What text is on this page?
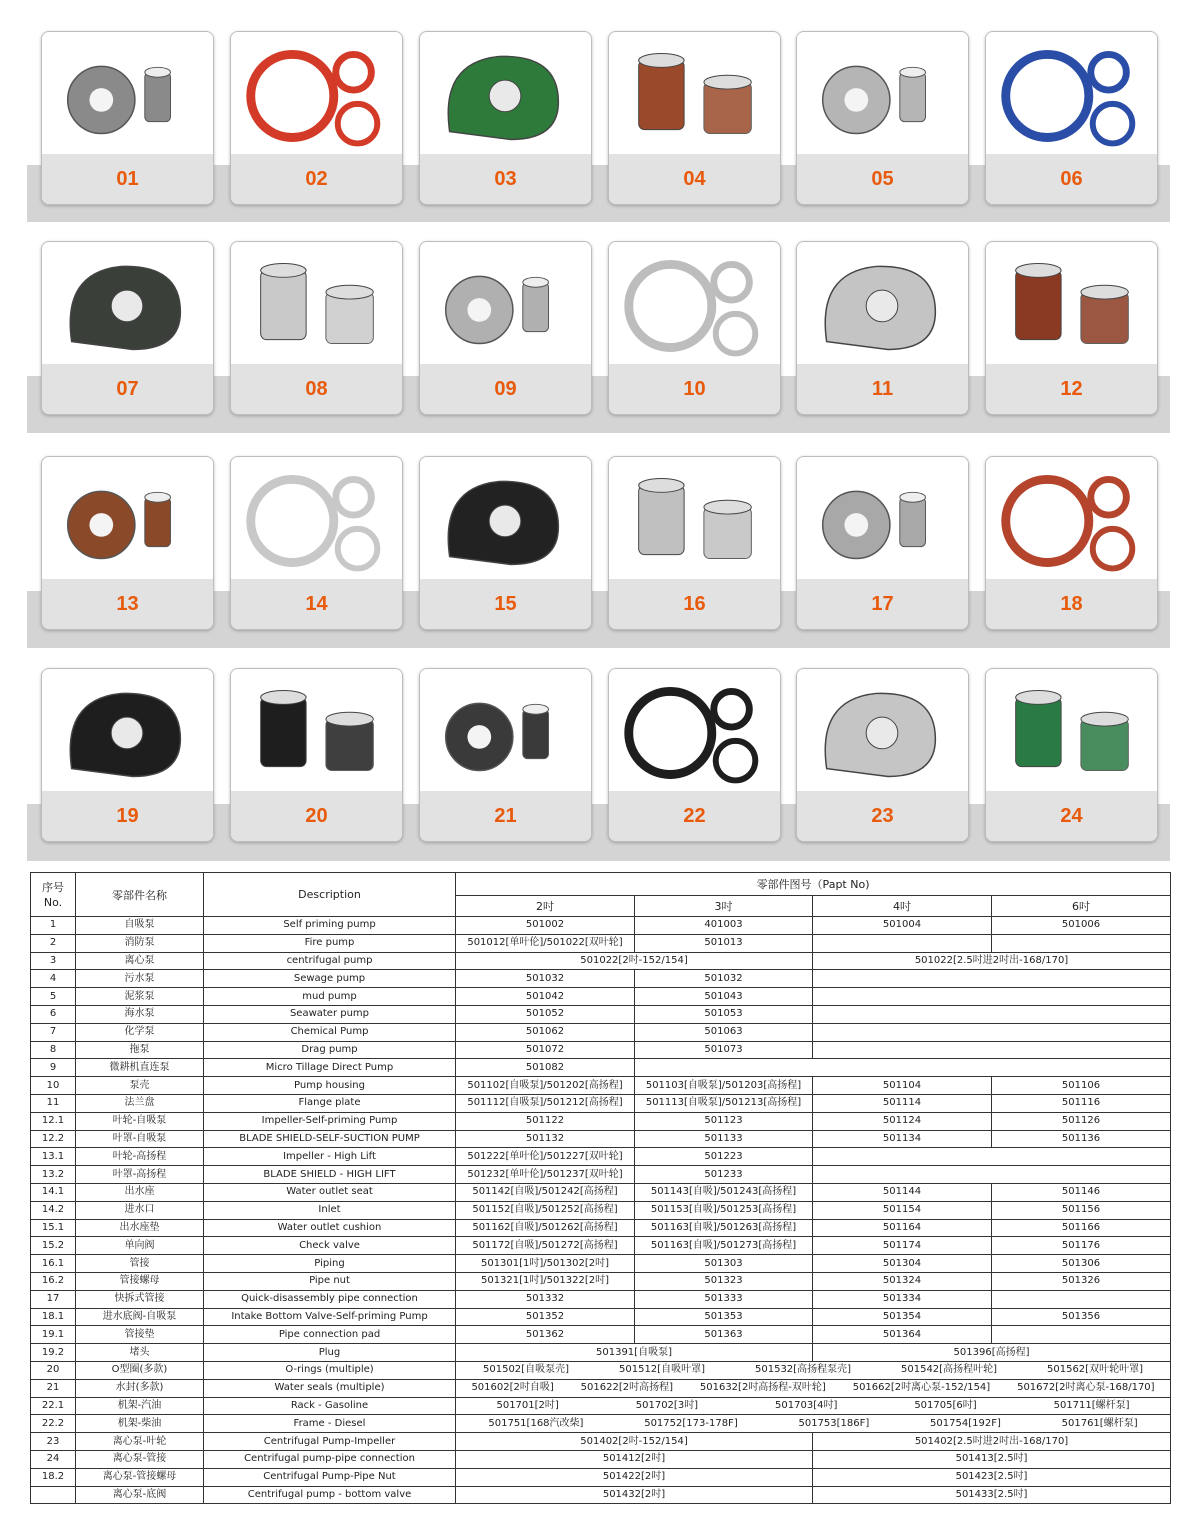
01	02	03	04	05	06
07	08	09	10	11	12
13	14	15	16	17	18
19	20	21	22	23	24
序号
No.	零部件名称	Description	零部件图号（Papt No)			
			2吋	3吋	4吋	6吋
1	自吸泵	Self priming pump	501002	401003	501004	501006
2	消防泵	Fire pump	501012[单叶伦]/501022[双叶轮]	501013		
3	离心泵	centrifugal pump	501022[2吋-152/154]		501022[2.5吋进2吋出-168/170]	
4	污水泵	Sewage pump	501032	501032		
5	泥浆泵	mud pump	501042	501043		
6	海水泵	Seawater pump	501052	501053		
7	化学泵	Chemical Pump	501062	501063		
8	拖泵	Drag pump	501072	501073		
9	微耕机直连泵	Micro Tillage Direct Pump	501082			
10	泵壳	Pump housing	501102[自吸泵]/501202[高扬程]	501103[自吸泵]/501203[高扬程]	501104	501106
11	法兰盘	Flange plate	501112[自吸泵]/501212[高扬程]	501113[自吸泵]/501213[高扬程]	501114	501116
12.1	叶轮-自吸泵	Impeller-Self-priming Pump	501122	501123	501124	501126
12.2	叶罩-自吸泵	BLADE SHIELD-SELF-SUCTION PUMP	501132	501133	501134	501136
13.1	叶轮-高扬程	Impeller - High Lift	501222[单叶伦]/501227[双叶轮]	501223		
13.2	叶罩-高扬程	BLADE SHIELD - HIGH LIFT	501232[单叶伦]/501237[双叶轮]	501233		
14.1	出水座	Water outlet seat	501142[自吸]/501242[高扬程]	501143[自吸]/501243[高扬程]	501144	501146
14.2	进水口	Inlet	501152[自吸]/501252[高扬程]	501153[自吸]/501253[高扬程]	501154	501156
15.1	出水座垫	Water outlet cushion	501162[自吸]/501262[高扬程]	501163[自吸]/501263[高扬程]	501164	501166
15.2	单向阀	Check valve	501172[自吸]/501272[高扬程]	501163[自吸]/501273[高扬程]	501174	501176
16.1	管接	Piping	501301[1吋]/501302[2吋]	501303	501304	501306
16.2	管接螺母	Pipe nut	501321[1吋]/501322[2吋]	501323	501324	501326
17	快拆式管接	Quick-disassembly pipe connection	501332	501333	501334	
18.1	进水底阀-自吸泵	Intake Bottom Valve-Self-priming Pump	501352	501353	501354	501356
19.1	管接垫	Pipe connection pad	501362	501363	501364	
19.2	堵头	Plug	501391[自吸泵]		501396[高扬程]	
20	O型圈(多款)	O-rings (multiple)	501502[自吸泵壳] 501512[自吸叶罩] 501532[高扬程泵壳] 501542[高扬程叶轮] 501562[双叶轮叶罩]			

21	水封(多款)	Water seals (multiple)	501602[2吋自吸] 501622[2吋高扬程] 501632[2吋高扬程-双叶轮] 501662[2吋离心泵-152/154] 501672[2吋离心泵-168/170]			

22.1	机架-汽油	Rack - Gasoline	501701[2吋] 501702[3吋] 501703[4吋] 501705[6吋] 501711[螺杆泵]			

22.2	机架-柴油	Frame - Diesel	501751[168汽改柴] 501752[173-178F] 501753[186F] 501754[192F] 501761[螺杆泵]			

23	离心泵-叶轮	Centrifugal Pump-Impeller	501402[2吋-152/154]		501402[2.5吋进2吋出-168/170]	
24	离心泵-管接	Centrifugal pump-pipe connection	501412[2吋]		501413[2.5吋]	
18.2	离心泵-管接螺母	Centrifugal Pump-Pipe Nut	501422[2吋]		501423[2.5吋]	
	离心泵-底阀	Centrifugal pump - bottom valve	501432[2吋]		501433[2.5吋]	
